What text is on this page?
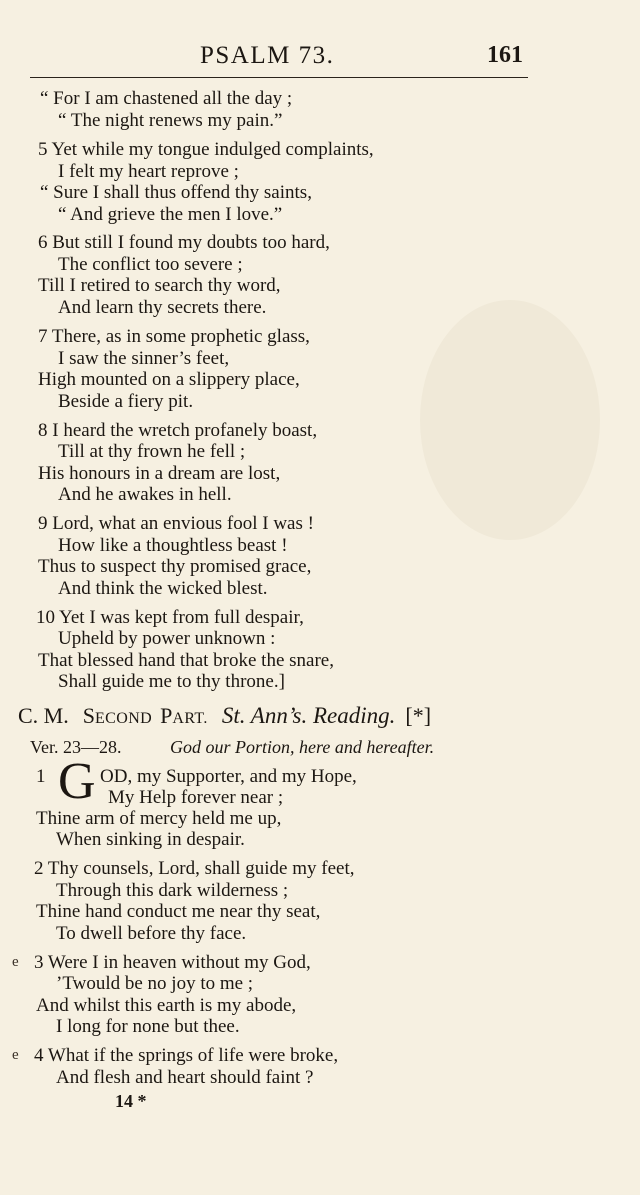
PSALM 73.	161
“ For I am chastened all the day ;
“ The night renews my pain.”
5 Yet while my tongue indulged complaints,
I felt my heart reprove ;
“ Sure I shall thus offend thy saints,
“ And grieve the men I love.”
6 But still I found my doubts too hard,
The conflict too severe ;
Till I retired to search thy word,
And learn thy secrets there.
7 There, as in some prophetic glass,
I saw the sinner’s feet,
High mounted on a slippery place,
Beside a fiery pit.
8 I heard the wretch profanely boast,
Till at thy frown he fell ;
His honours in a dream are lost,
And he awakes in hell.
9 Lord, what an envious fool I was !
How like a thoughtless beast !
Thus to suspect thy promised grace,
And think the wicked blest.
10 Yet I was kept from full despair,
Upheld by power unknown :
That blessed hand that broke the snare,
Shall guide me to thy throne.]
C. M. SECOND PART. St. Ann’s. Reading. [*]
Ver. 23—28.	God our Portion, here and hereafter.
1 G OD, my Supporter, and my Hope,
My Help forever near ;
Thine arm of mercy held me up,
When sinking in despair.
2 Thy counsels, Lord, shall guide my feet,
Through this dark wilderness ;
Thine hand conduct me near thy seat,
To dwell before thy face.
e 3 Were I in heaven without my God,
’Twould be no joy to me ;
And whilst this earth is my abode,
I long for none but thee.
e 4 What if the springs of life were broke,
And flesh and heart should faint ?
14 *
